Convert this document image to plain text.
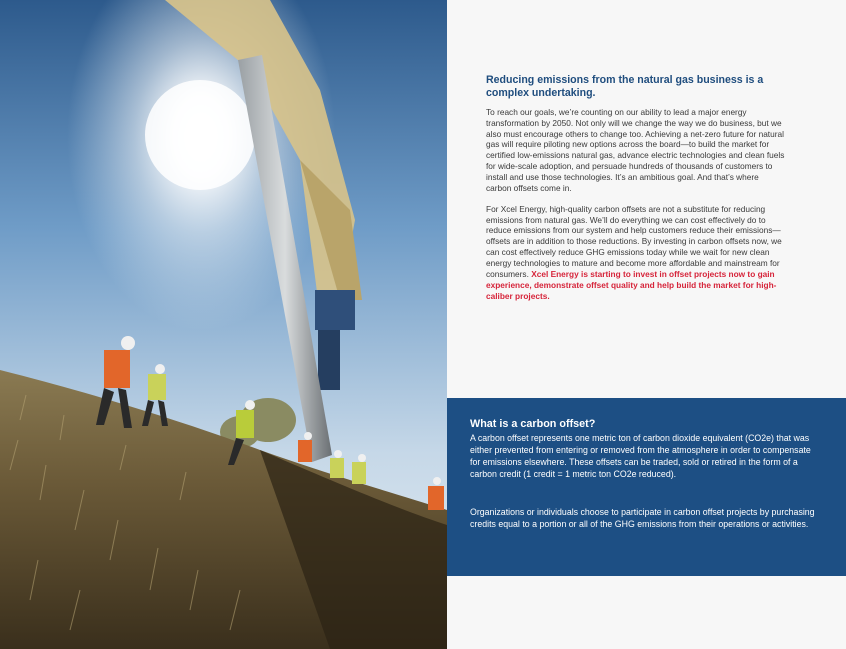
Reducing emissions from the natural gas business is a complex undertaking.

To reach our goals, we’re counting on our ability to lead a major energy transformation by 2050. Not only will we change the way we do business, but we also must encourage others to change too. Achieving a net-zero future for natural gas will require piloting new options across the board—to build the market for certified low-emissions natural gas, advance electric technologies and clean fuels for wide-scale adoption, and persuade hundreds of thousands of customers to install and use those technologies. It’s an ambitious goal. And that’s where carbon offsets come in.

For Xcel Energy, high-quality carbon offsets are not a substitute for reducing emissions from natural gas. We’ll do everything we can cost effectively do to reduce emissions from our system and help customers reduce their emissions—offsets are in addition to those reductions. By investing in carbon offsets now, we can cost effectively reduce GHG emissions today while we wait for new clean energy technologies to mature and become more affordable and mainstream for consumers. Xcel Energy is starting to invest in offset projects now to gain experience, demonstrate offset quality and help build the market for high-caliber projects.

What is a carbon offset?

A carbon offset represents one metric ton of carbon dioxide equivalent (CO2e) that was either prevented from entering or removed from the atmosphere in order to compensate for emissions elsewhere. These offsets can be traded, sold or retired in the form of a carbon credit (1 credit = 1 metric ton CO2e reduced).

Organizations or individuals choose to participate in carbon offset projects by purchasing credits equal to a portion or all of the GHG emissions from their operations or activities.
